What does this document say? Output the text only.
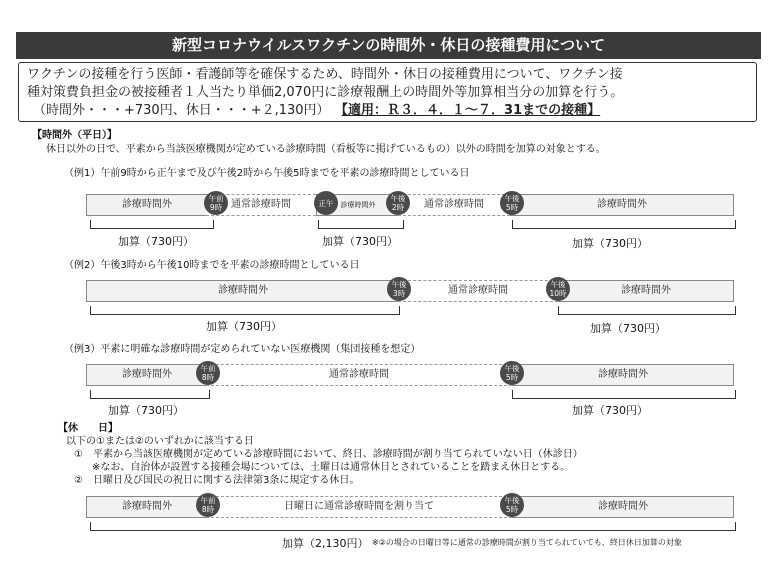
新型コロナウイルスワクチンの時間外・休日の接種費用について
ワクチンの接種を行う医師・看護師等を確保するため、時間外・休日の接種費用について、ワクチン接
種対策費負担金の被接種者１人当たり単価2,070円に診療報酬上の時間外等加算相当分の加算を行う。
（時間外・・・+730円、休日・・・+２,130円） 【適用：Ｒ３．４．１〜７．31までの接種】
【時間外（平日）】
休日以外の日で、平素から当該医療機関が定めている診療時間（看板等に掲げているもの）以外の時間を加算の対象とする。
（例1）午前9時から正午まで及び午後2時から午後5時までを平素の診療時間としている日
診療時間外	通常診療時間	診療時間外	通常診療時間	診療時間外
午前
9時	正午	午後
2時
午後
5時
加算（730円）	加算（730円）	加算（730円）
（例2）午後3時から午後10時までを平素の診療時間としている日
診療時間外	通常診療時間	診療時間外
午後
3時
午後
10時
加算（730円）	加算（730円）
（例3）平素に明確な診療時間が定められていない医療機関（集団接種を想定）
診療時間外	通常診療時間	診療時間外
午前
8時
午後
5時
加算（730円）	加算（730円）
【休　　日】
以下の①または②のいずれかに該当する日
①　平素から当該医療機関が定めている診療時間において、終日、診療時間が割り当てられていない日（休診日）
※なお、自治体が設置する接種会場については、土曜日は通常休日とされていることを踏まえ休日とする。
②　日曜日及び国民の祝日に関する法律第3条に規定する休日。
診療時間外	日曜日に通常診療時間を割り当て	診療時間外
午前
8時
午後
5時
加算（2,130円） ※②の場合の日曜日等に通常の診療時間が割り当てられていても、終日休日加算の対象
